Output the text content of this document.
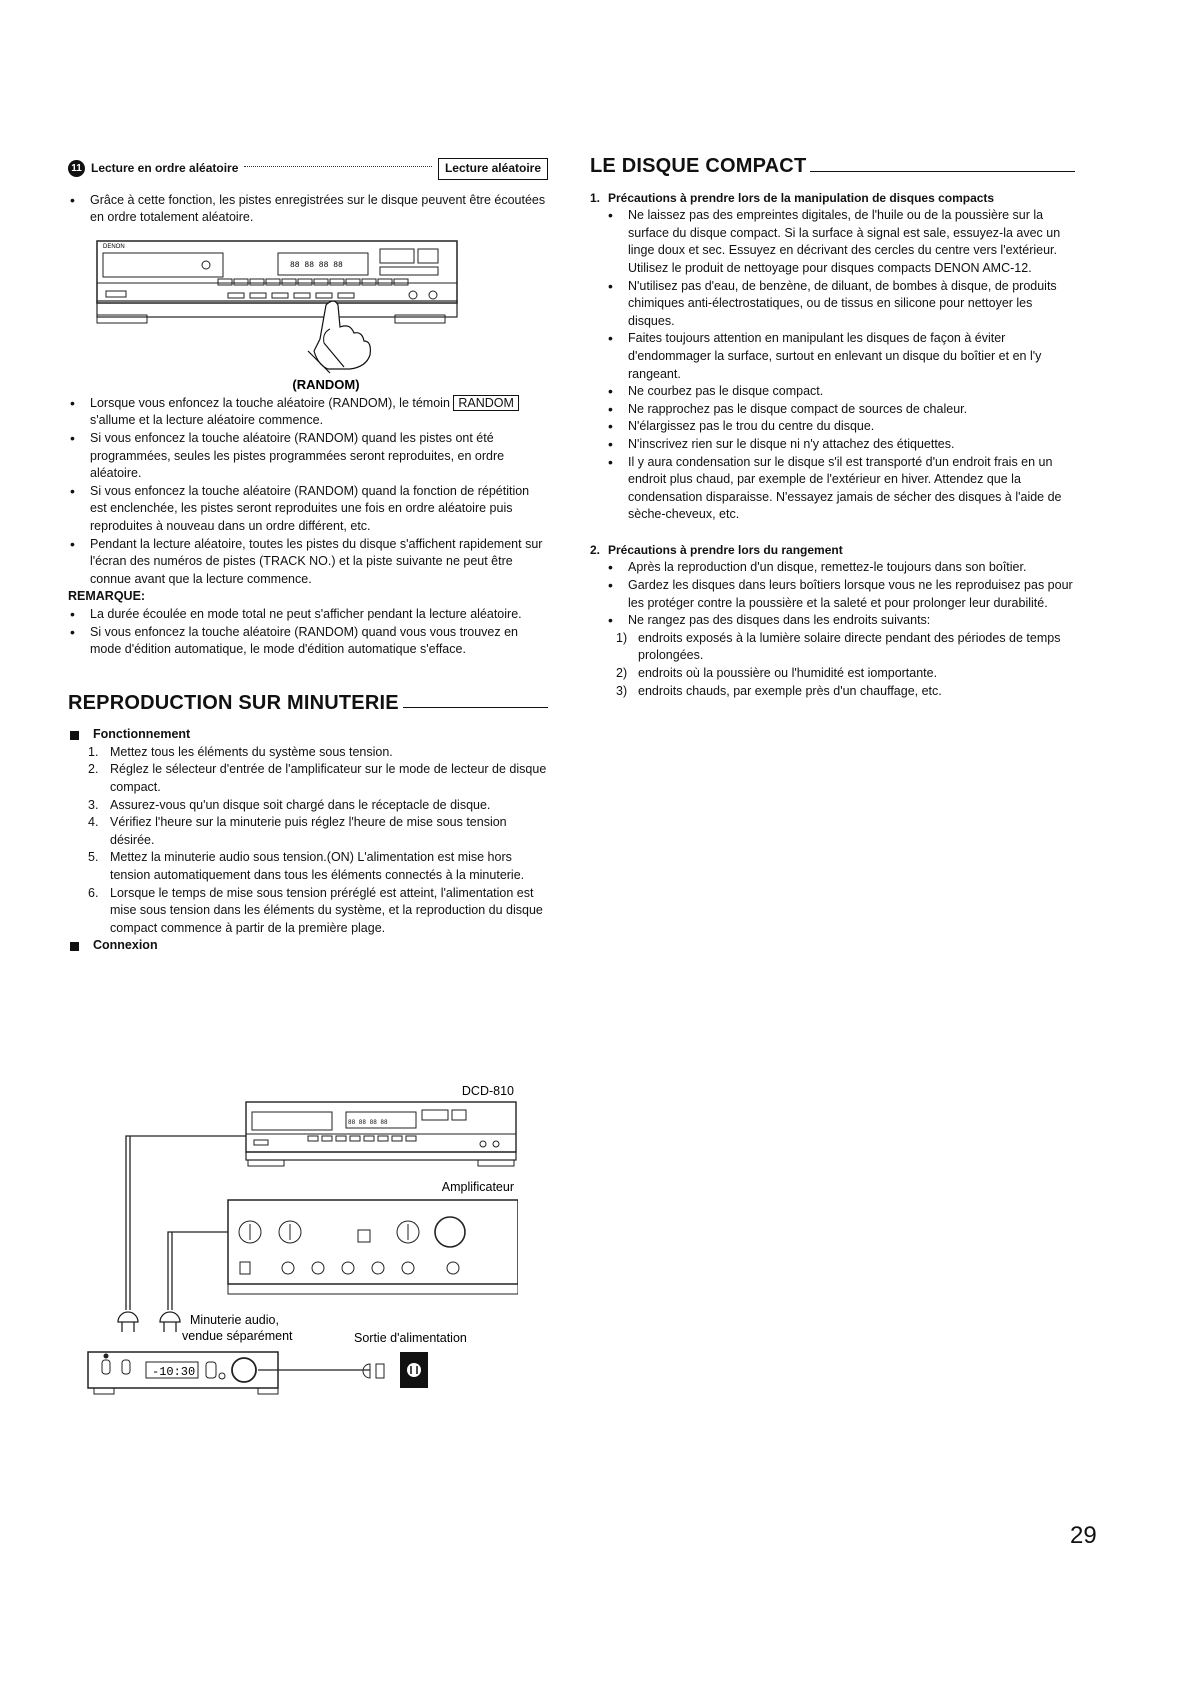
11 Lecture en ordre aléatoire	Lecture aléatoire
• Grâce à cette fonction, les pistes enregistrées sur le disque peuvent être écoutées en ordre totalement aléatoire.
DENON
88 88 88 88
(RANDOM)
• Lorsque vous enfoncez la touche aléatoire (RANDOM), le témoin RANDOM s'allume et la lecture aléatoire commence.
• Si vous enfoncez la touche aléatoire (RANDOM) quand les pistes ont été programmées, seules les pistes programmées seront reproduites, en ordre aléatoire.
• Si vous enfoncez la touche aléatoire (RANDOM) quand la fonction de répétition est enclenchée, les pistes seront reproduites une fois en ordre aléatoire puis reproduites à nouveau dans un ordre différent, etc.
• Pendant la lecture aléatoire, toutes les pistes du disque s'affichent rapidement sur l'écran des numéros de pistes (TRACK NO.) et la piste suivante ne peut être connue avant que la lecture commence.
REMARQUE:
• La durée écoulée en mode total ne peut s'afficher pendant la lecture aléatoire.
• Si vous enfoncez la touche aléatoire (RANDOM) quand vous vous trouvez en mode d'édition automatique, le mode d'édition automatique s'efface.
REPRODUCTION SUR MINUTERIE
Fonctionnement
1. Mettez tous les éléments du système sous tension.
2. Réglez le sélecteur d'entrée de l'amplificateur sur le mode de lecteur de disque compact.
3. Assurez-vous qu'un disque soit chargé dans le réceptacle de disque.
4. Vérifiez l'heure sur la minuterie puis réglez l'heure de mise sous tension désirée.
5. Mettez la minuterie audio sous tension.(ON) L'alimentation est mise hors tension automatiquement dans tous les éléments connectés à la minuterie.
6. Lorsque le temps de mise sous tension préréglé est atteint, l'alimentation est mise sous tension dans les éléments du système, et la reproduction du disque compact commence à partir de la première plage.
Connexion
DCD-810
88 88 88 88
Amplificateur
Minuterie audio,
vendue séparément	Sortie d'alimentation
-10:30
LE DISQUE COMPACT
1. Précautions à prendre lors de la manipulation de disques compacts
• Ne laissez pas des empreintes digitales, de l'huile ou de la poussière sur la surface du disque compact. Si la surface à signal est sale, essuyez-la avec un linge doux et sec. Essuyez en décrivant des cercles du centre vers l'extérieur. Utilisez le produit de nettoyage pour disques compacts DENON AMC-12.
• N'utilisez pas d'eau, de benzène, de diluant, de bombes à disque, de produits chimiques anti-électrostatiques, ou de tissus en silicone pour nettoyer les disques.
• Faites toujours attention en manipulant les disques de façon à éviter d'endommager la surface, surtout en enlevant un disque du boîtier et en l'y rangeant.
• Ne courbez pas le disque compact.
• Ne rapprochez pas le disque compact de sources de chaleur.
• N'élargissez pas le trou du centre du disque.
• N'inscrivez rien sur le disque ni n'y attachez des étiquettes.
• Il y aura condensation sur le disque s'il est transporté d'un endroit frais en un endroit plus chaud, par exemple de l'extérieur en hiver. Attendez que la condensation disparaisse. N'essayez jamais de sécher des disques à l'aide de sèche-cheveux, etc.
2. Précautions à prendre lors du rangement
• Après la reproduction d'un disque, remettez-le toujours dans son boîtier.
• Gardez les disques dans leurs boîtiers lorsque vous ne les reproduisez pas pour les protéger contre la poussière et la saleté et pour prolonger leur durabilité.
• Ne rangez pas des disques dans les endroits suivants:
1) endroits exposés à la lumière solaire directe pendant des périodes de temps prolongées.
2) endroits où la poussière ou l'humidité est iomportante.
3) endroits chauds, par exemple près d'un chauffage, etc.
29
